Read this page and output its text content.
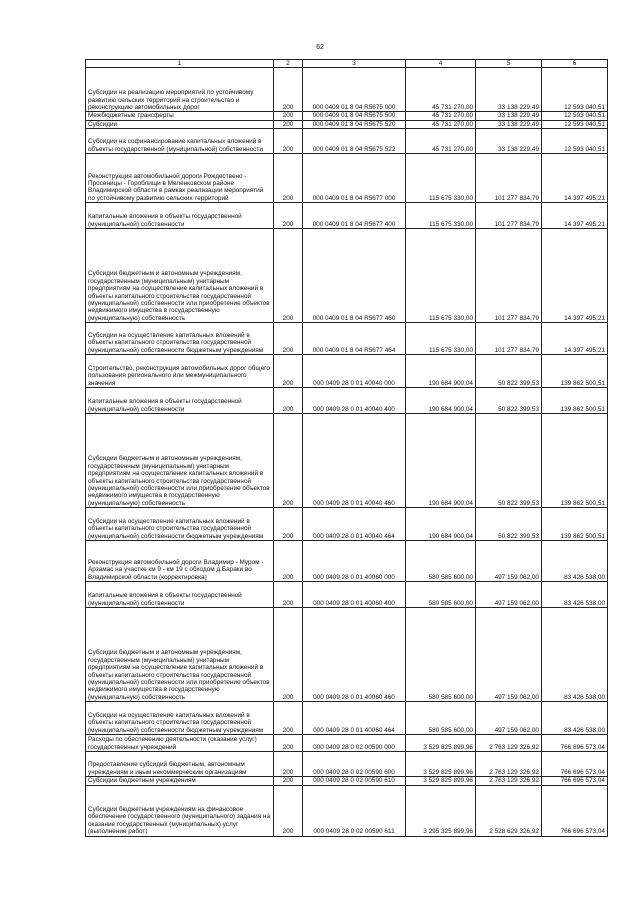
62
1	2	3	4	5	6
Субсидии на реализацию мероприятий по устойчивому развитию сельских территорий на строительство и реконструкцию автомобильных дорог	200	000 0409 01 8 04 R5675 000	45 731 270,00	33 138 229,49	12 593 040,51
Межбюджетные трансферты	200	000 0409 01 8 04 R5675 500	45 731 270,00	33 138 229,49	12 593 040,51
Субсидии	200	000 0409 01 8 04 R5675 520	45 731 270,00	33 138 229,49	12 593 040,51
Субсидии на софинансирование капитальных вложений в объекты государственной (муниципальной) собственности	200	000 0409 01 8 04 R5675 522	45 731 270,00	33 138 229,49	12 593 040,51
Реконструкция автомобильной дороги Рождествено - Просеницы - Гороблищи в Меленковском районе Владимирской области в рамках реализации мероприятий по устойчивому развитию сельских территорий	200	000 0409 01 8 04 R5677 000	115 675 330,00	101 277 834,79	14 397 495,21
Капитальные вложения в объекты государственной (муниципальной) собственности	200	000 0409 01 8 04 R5677 400	115 675 330,00	101 277 834,79	14 397 495,21
Субсидии бюджетным и автономным учреждениям, государственным (муниципальным) унитарным предприятиям на осуществление капитальных вложений в объекты капитального строительства государственной (муниципальной) собственности или приобретение объектов недвижимого имущества в государственную (муниципальную) собственность	200	000 0409 01 8 04 R5677 460	115 675 330,00	101 277 834,79	14 397 495,21
Субсидии на осуществление капитальных вложений в объекты капитального строительства государственной (муниципальной) собственности бюджетным учреждениям	200	000 0409 01 8 04 R5677 464	115 675 330,00	101 277 834,79	14 397 495,21
Строительство, реконструкция автомобильных дорог общего пользования регионального или межмуниципального значения	200	000 0409 28 0 01 40040 000	190 684 900,04	50 822 399,53	139 862 500,51
Капитальные вложения в объекты государственной (муниципальной) собственности	200	000 0409 28 0 01 40040 400	190 684 900,04	50 822 399,53	139 862 500,51
Субсидии бюджетным и автономным учреждениям, государственным (муниципальным) унитарным предприятиям на осуществление капитальных вложений в объекты капитального строительства государственной (муниципальной) собственности или приобретение объектов недвижимого имущества в государственную (муниципальную) собственность	200	000 0409 28 0 01 40040 460	190 684 900,04	50 822 399,53	139 862 500,51
Субсидии на осуществление капитальных вложений в объекты капитального строительства государственной (муниципальной) собственности бюджетным учреждениям	200	000 0409 28 0 01 40040 464	190 684 900,04	50 822 399,53	139 862 500,51
Реконструкция автомобильной дороги Владимир - Муром - Арзамас на участке км 9 - км 19 с обходом д.Бараки во Владимирской области (корректировка)	200	000 0409 28 0 01 40060 000	580 585 600,00	497 159 062,00	83 426 538,00
Капитальные вложения в объекты государственной (муниципальной) собственности	200	000 0409 28 0 01 40060 400	580 585 600,00	497 159 062,00	83 426 538,00
Субсидии бюджетным и автономным учреждениям, государственным (муниципальным) унитарным предприятиям на осуществление капитальных вложений в объекты капитального строительства государственной (муниципальной) собственности или приобретение объектов недвижимого имущества в государственную (муниципальную) собственность	200	000 0409 28 0 01 40060 460	580 585 600,00	497 159 062,00	83 426 538,00
Субсидии на осуществление капитальных вложений в объекты капитального строительства государственной (муниципальной) собственности бюджетным учреждениям	200	000 0409 28 0 01 40060 464	580 585 600,00	497 159 062,00	83 426 538,00
Расходы по обеспечению деятельности (оказание услуг) государственных учреждений	200	000 0409 28 0 02 00590 000	3 529 825 899,96	2 763 129 326,92	766 696 573,04
Предоставление субсидий бюджетным, автономным учреждениям и иным некоммерческим организациям	200	000 0409 28 0 02 00590 600	3 529 825 899,96	2 763 129 326,92	766 696 573,04
Субсидии бюджетным учреждениям	200	000 0409 28 0 02 00590 610	3 529 825 899,96	2 763 129 326,92	766 696 573,04
Субсидии бюджетным учреждениям на финансовое обеспечение государственного (муниципального) задания на оказание государственных (муниципальных) услуг (выполнение работ)	200	000 0409 28 0 02 00590 611	3 295 325 899,96	2 528 629 326,92	766 696 573,04
